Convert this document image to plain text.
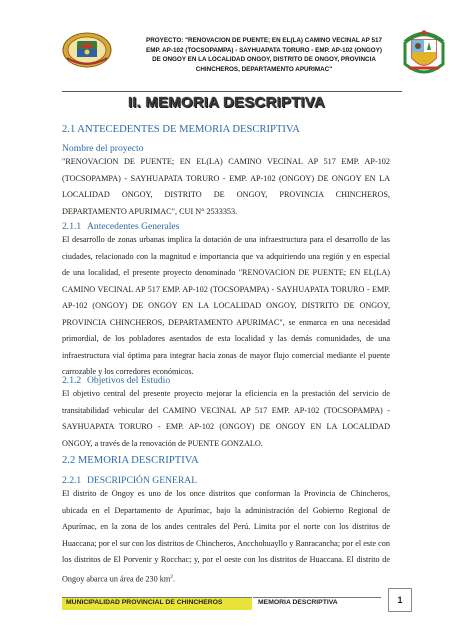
PROYECTO: "RENOVACION DE PUENTE; EN EL(LA) CAMINO VECINAL AP 517
EMP. AP-102 (TOCSOPAMPA) - SAYHUAPATA TORURO - EMP. AP-102 (ONGOY)
DE ONGOY EN LA LOCALIDAD ONGOY, DISTRITO DE ONGOY, PROVINCIA
CHINCHEROS, DEPARTAMENTO APURIMAC"
II. MEMORIA DESCRIPTIVA
2.1 ANTECEDENTES DE MEMORIA DESCRIPTIVA
Nombre del proyecto
"RENOVACION DE PUENTE; EN EL(LA) CAMINO VECINAL AP 517 EMP. AP-102 (TOCSOPAMPA) - SAYHUAPATA TORURO - EMP. AP-102 (ONGOY) DE ONGOY EN LA LOCALIDAD ONGOY, DISTRITO DE ONGOY, PROVINCIA CHINCHEROS, DEPARTAMENTO APURIMAC", CUI N° 2533353.
2.1.1 Antecedentes Generales
El desarrollo de zonas urbanas implica la dotación de una infraestructura para el desarrollo de las ciudades, relacionado con la magnitud e importancia que va adquiriendo una región y en especial de una localidad, el presente proyecto denominado "RENOVACION DE PUENTE; EN EL(LA) CAMINO VECINAL AP 517 EMP. AP-102 (TOCSOPAMPA) - SAYHUAPATA TORURO - EMP. AP-102 (ONGOY) DE ONGOY EN LA LOCALIDAD ONGOY, DISTRITO DE ONGOY, PROVINCIA CHINCHEROS, DEPARTAMENTO APURIMAC", se enmarca en una necesidad primordial, de los pobladores asentados de esta localidad y las demás comunidades, de una infraestructura vial óptima para integrar hacia zonas de mayor flujo comercial mediante el puente carrozable y los corredores económicos.
2.1.2 Objetivos del Estudio
El objetivo central del presente proyecto mejorar la eficiencia en la prestación del servicio de transitabilidad vehicular del CAMINO VECINAL AP 517 EMP. AP-102 (TOCSOPAMPA) - SAYHUAPATA TORURO - EMP. AP-102 (ONGOY) DE ONGOY EN LA LOCALIDAD ONGOY, a través de la renovación de PUENTE GONZALO.
2.2 MEMORIA DESCRIPTIVA
2.2.1 DESCRIPCIÓN GENERAL
El distrito de Ongoy es uno de los once distritos que conforman la Provincia de Chincheros, ubicada en el Departamento de Apurímac, bajo la administración del Gobierno Regional de Apurímac, en la zona de los andes centrales del Perú. Limita por el norte con los distritos de Huaccana; por el sur con los distritos de Chincheros, Ancchohuayllo y Ranracancha; por el este con los distritos de El Porvenir y Rocchac; y, por el oeste con los distritos de Huaccana. El distrito de Ongoy abarca un área de 230 $km^2$.
MUNICIPALIDAD PROVINCIAL DE CHINCHEROS	MEMORIA DESCRIPTIVA	1
